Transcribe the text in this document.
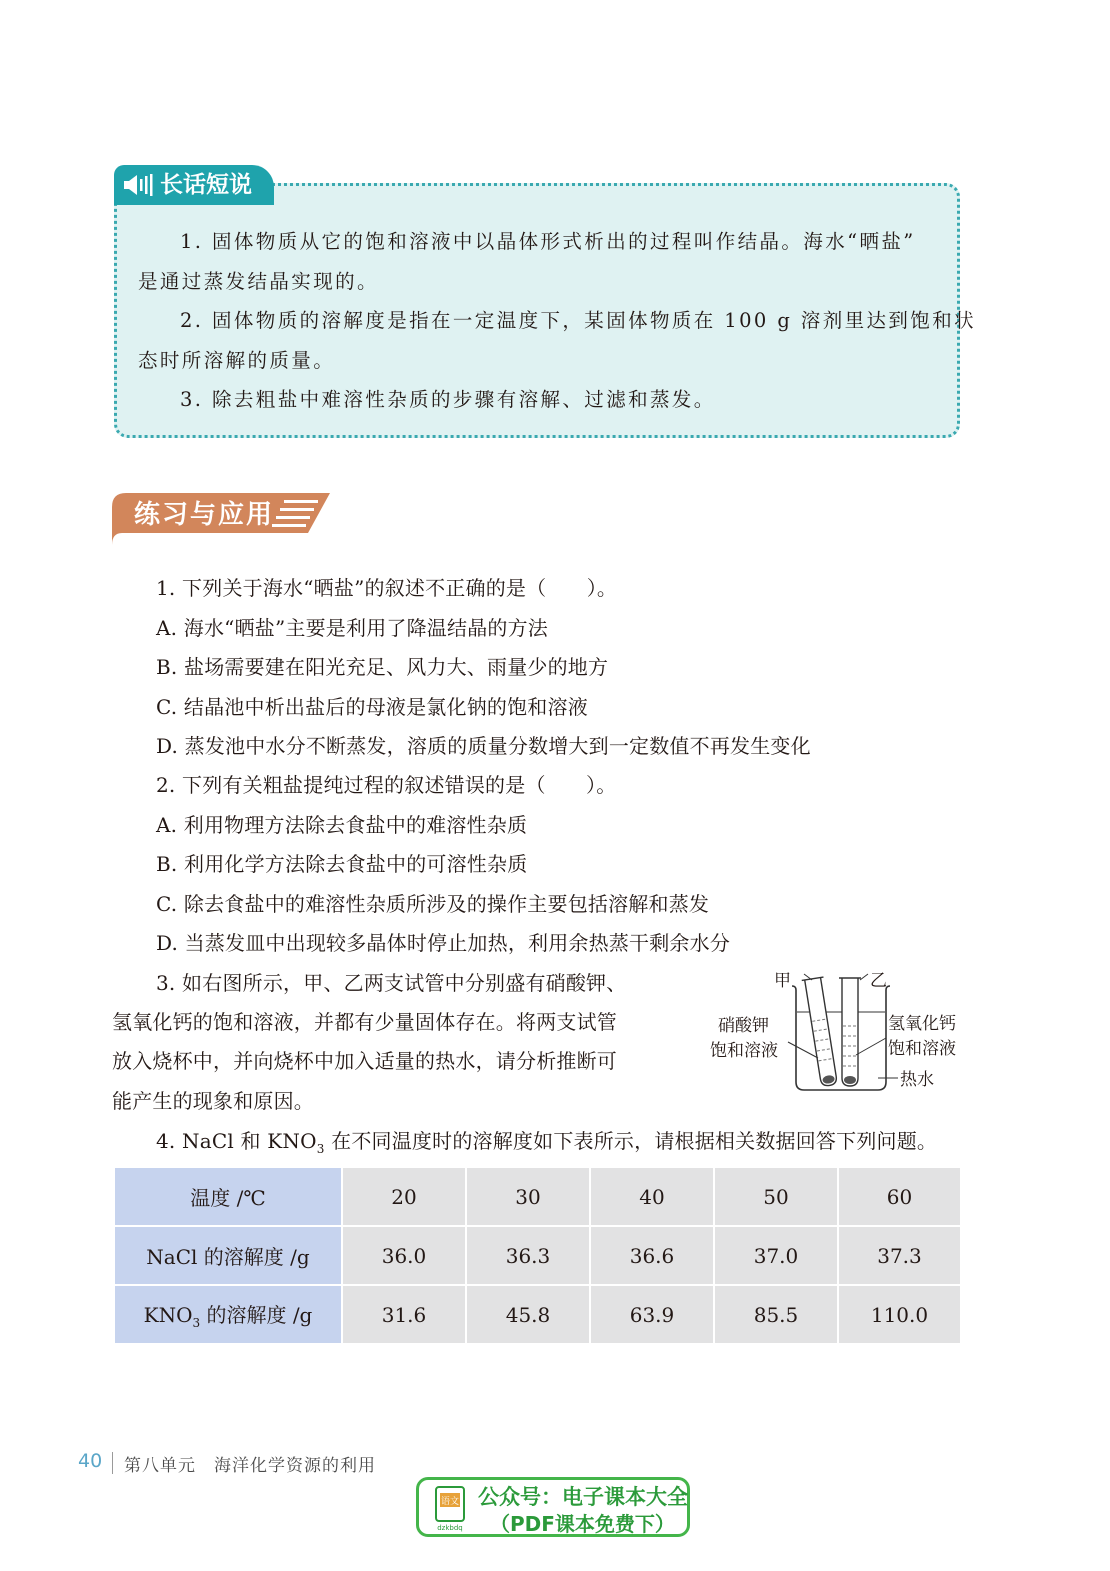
长话短说
1. 固体物质从它的饱和溶液中以晶体形式析出的过程叫作结晶。海水“晒盐”
是通过蒸发结晶实现的。
2. 固体物质的溶解度是指在一定温度下，某固体物质在 100 g 溶剂里达到饱和状
态时所溶解的质量。
3. 除去粗盐中难溶性杂质的步骤有溶解、过滤和蒸发。
练习与应用
1. 下列关于海水“晒盐”的叙述不正确的是（　　）。
A. 海水“晒盐”主要是利用了降温结晶的方法
B. 盐场需要建在阳光充足、风力大、雨量少的地方
C. 结晶池中析出盐后的母液是氯化钠的饱和溶液
D. 蒸发池中水分不断蒸发，溶质的质量分数增大到一定数值不再发生变化
2. 下列有关粗盐提纯过程的叙述错误的是（　　）。
A. 利用物理方法除去食盐中的难溶性杂质
B. 利用化学方法除去食盐中的可溶性杂质
C. 除去食盐中的难溶性杂质所涉及的操作主要包括溶解和蒸发
D. 当蒸发皿中出现较多晶体时停止加热，利用余热蒸干剩余水分
3. 如右图所示，甲、乙两支试管中分别盛有硝酸钾、
氢氧化钙的饱和溶液，并都有少量固体存在。将两支试管
放入烧杯中，并向烧杯中加入适量的热水，请分析推断可
能产生的现象和原因。
甲	乙
硝酸钾
饱和溶液
氢氧化钙
饱和溶液
热水
4. NaCl 和 $KNO_3$ 在不同温度时的溶解度如下表所示，请根据相关数据回答下列问题。
温度 /℃	20	30	40	50	60
NaCl 的溶解度 /g	36.0	36.3	36.6	37.0	37.3
$KNO_3$ 的溶解度 /g	31.6	45.8	63.9	85.5	110.0
40 第八单元　海洋化学资源的利用
语文
dzkbdq
公众号：电子课本大全
（PDF课本免费下）
